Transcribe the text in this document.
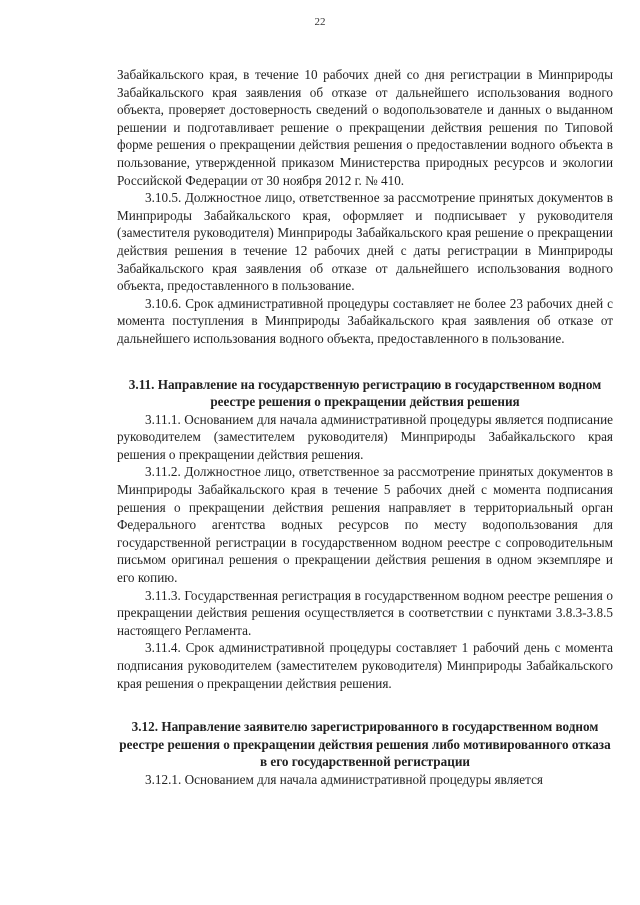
22

Забайкальского края, в течение 10 рабочих дней со дня регистрации в Минприроды Забайкальского края заявления об отказе от дальнейшего использования водного объекта, проверяет достоверность сведений о водопользователе и данных о выданном решении и подготавливает решение о прекращении действия решения по Типовой форме решения о прекращении действия решения о предоставлении водного объекта в пользование, утвержденной приказом Министерства природных ресурсов и экологии Российской Федерации от 30 ноября 2012 г. № 410.

3.10.5. Должностное лицо, ответственное за рассмотрение принятых документов в Минприроды Забайкальского края, оформляет и подписывает у руководителя (заместителя руководителя) Минприроды Забайкальского края решение о прекращении действия решения в течение 12 рабочих дней с даты регистрации в Минприроды Забайкальского края заявления об отказе от дальнейшего использования водного объекта, предоставленного в пользование.

3.10.6. Срок административной процедуры составляет не более 23 рабочих дней с момента поступления в Минприроды Забайкальского края заявления об отказе от дальнейшего использования водного объекта, предоставленного в пользование.

3.11. Направление на государственную регистрацию в государственном водном реестре решения о прекращении действия решения

3.11.1. Основанием для начала административной процедуры является подписание руководителем (заместителем руководителя) Минприроды Забайкальского края решения о прекращении действия решения.

3.11.2. Должностное лицо, ответственное за рассмотрение принятых документов в Минприроды Забайкальского края в течение 5 рабочих дней с момента подписания решения о прекращении действия решения направляет в территориальный орган Федерального агентства водных ресурсов по месту водопользования для государственной регистрации в государственном водном реестре с сопроводительным письмом оригинал решения о прекращении действия решения в одном экземпляре и его копию.

3.11.3. Государственная регистрация в государственном водном реестре решения о прекращении действия решения осуществляется в соответствии с пунктами 3.8.3-3.8.5 настоящего Регламента.

3.11.4. Срок административной процедуры составляет 1 рабочий день с момента подписания руководителем (заместителем руководителя) Минприроды Забайкальского края решения о прекращении действия решения.

3.12. Направление заявителю зарегистрированного в государственном водном реестре решения о прекращении действия решения либо мотивированного отказа в его государственной регистрации

3.12.1. Основанием для начала административной процедуры является
